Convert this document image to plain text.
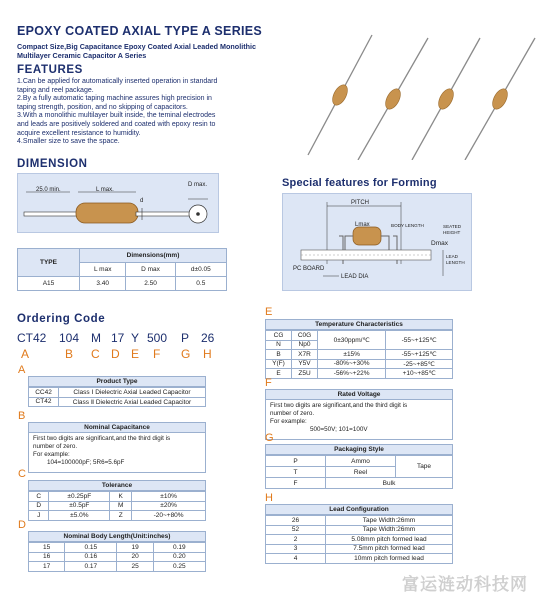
EPOXY COATED AXIAL TYPE A SERIES
Compact Size,Big Capacitance Epoxy Coated Axial Leaded Monolithic
Multilayer Ceramic Capacitor A Series
FEATURES
1.Can be applied for automatically inserted operation in standard
taping and reel package.
2.By a fully automatic taping machine assures high precision in
taping strength, position, and no skipping of capacitors.
3.With a monolithic multilayer built inside, the teminal electrodes
and leads are positively soldered and coated with epoxy resin to
acquire excellent resistance to humidity.
4.Smaller size to save the space.
DIMENSION
25.0 min.	L max.
d
D max.
TYPE	Dimensions(mm)		
	L max	D max	d±0.05
A15	3.40	2.50	0.5
Special features for Forming
PITCH
Lmax	BODY LENGTH	SEATED
HEIGHT
Dmax
LEAD
LENGTH
PC BOARD
LEAD DIA
Ordering Code
CT42 104 M 17 Y 500 P 26
A	B C D E F G H
A
Product Type
CC42	Class Ⅰ Dielectric Axial Leaded Capacitor
CT42	Class Ⅱ Dielectric Axial Leaded Capacitor
B
Nominal Capacitance
First two digits are significant,and the third digit is
number of zero.
For example:
104=100000pF; 5R6=5.6pF
C
Tolerance
C	±0.25pF	K	±10%
D	±0.5pF	M	±20%
J	±5.0%	Z	-20~+80%
D
Nominal Body Length(Unit:inches)
15	0.15	19	0.19
16	0.16	20	0.20
17	0.17	25	0.25
E
Temperature Characteristics
CG	C0G	0±30ppm/℃	-55~+125℃
N	Np0		
B	X7R	±15%	-55~+125℃
Y(F)	Y5V	-80%~+30%	-25~+85℃
E	Z5U	-56%~+22%	+10~+85℃
F
Rated Voltage
First two digits are significant,and the third digit is
number of zero.
For example:
500=50V; 101=100V
G
Packaging Style
P	Ammo	Tape
T	Reel	
F	Bulk	
H
Lead Configuration
26	Tape Width:26mm
52	Tape Width:26mm
2	5.08mm pitch formed lead
3	7.5mm pitch formed lead
4	10mm pitch formed lead
富运涟动科技网
